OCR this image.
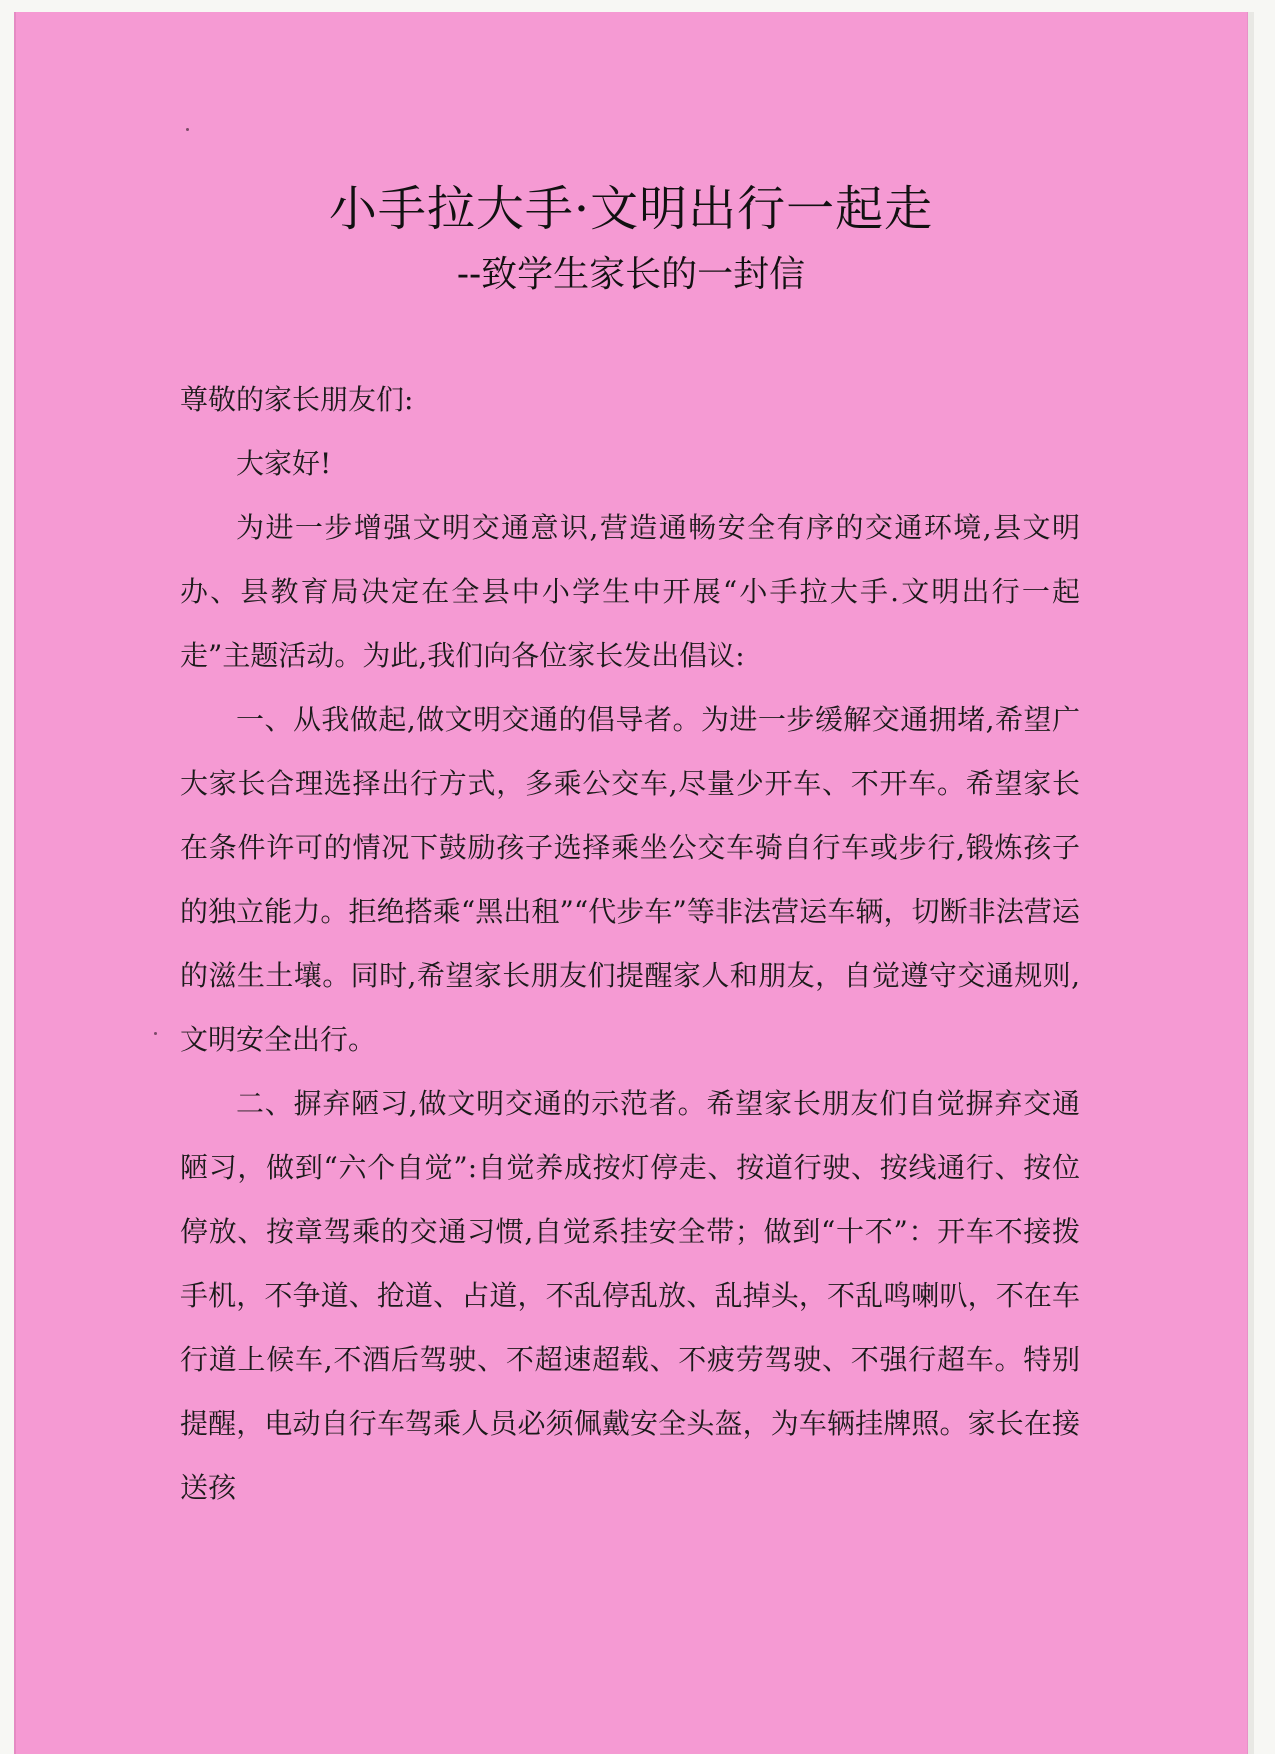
小手拉大手·文明出行一起走
--致学生家长的一封信

尊敬的家长朋友们:

大家好!

为进一步增强文明交通意识,营造通畅安全有序的交通环境,县文明办、县教育局决定在全县中小学生中开展“小手拉大手.文明出行一起走”主题活动。为此,我们向各位家长发出倡议:

一、从我做起,做文明交通的倡导者。为进一步缓解交通拥堵,希望广大家长合理选择出行方式，多乘公交车,尽量少开车、不开车。希望家长在条件许可的情况下鼓励孩子选择乘坐公交车骑自行车或步行,锻炼孩子的独立能力。拒绝搭乘“黑出租”“代步车”等非法营运车辆，切断非法营运的滋生土壤。同时,希望家长朋友们提醒家人和朋友，自觉遵守交通规则,文明安全出行。

二、摒弃陋习,做文明交通的示范者。希望家长朋友们自觉摒弃交通陋习，做到“六个自觉”:自觉养成按灯停走、按道行驶、按线通行、按位停放、按章驾乘的交通习惯,自觉系挂安全带；做到“十不”：开车不接拨手机，不争道、抢道、占道，不乱停乱放、乱掉头，不乱鸣喇叭，不在车行道上候车,不酒后驾驶、不超速超载、不疲劳驾驶、不强行超车。特别提醒，电动自行车驾乘人员必须佩戴安全头盔，为车辆挂牌照。家长在接送孩
